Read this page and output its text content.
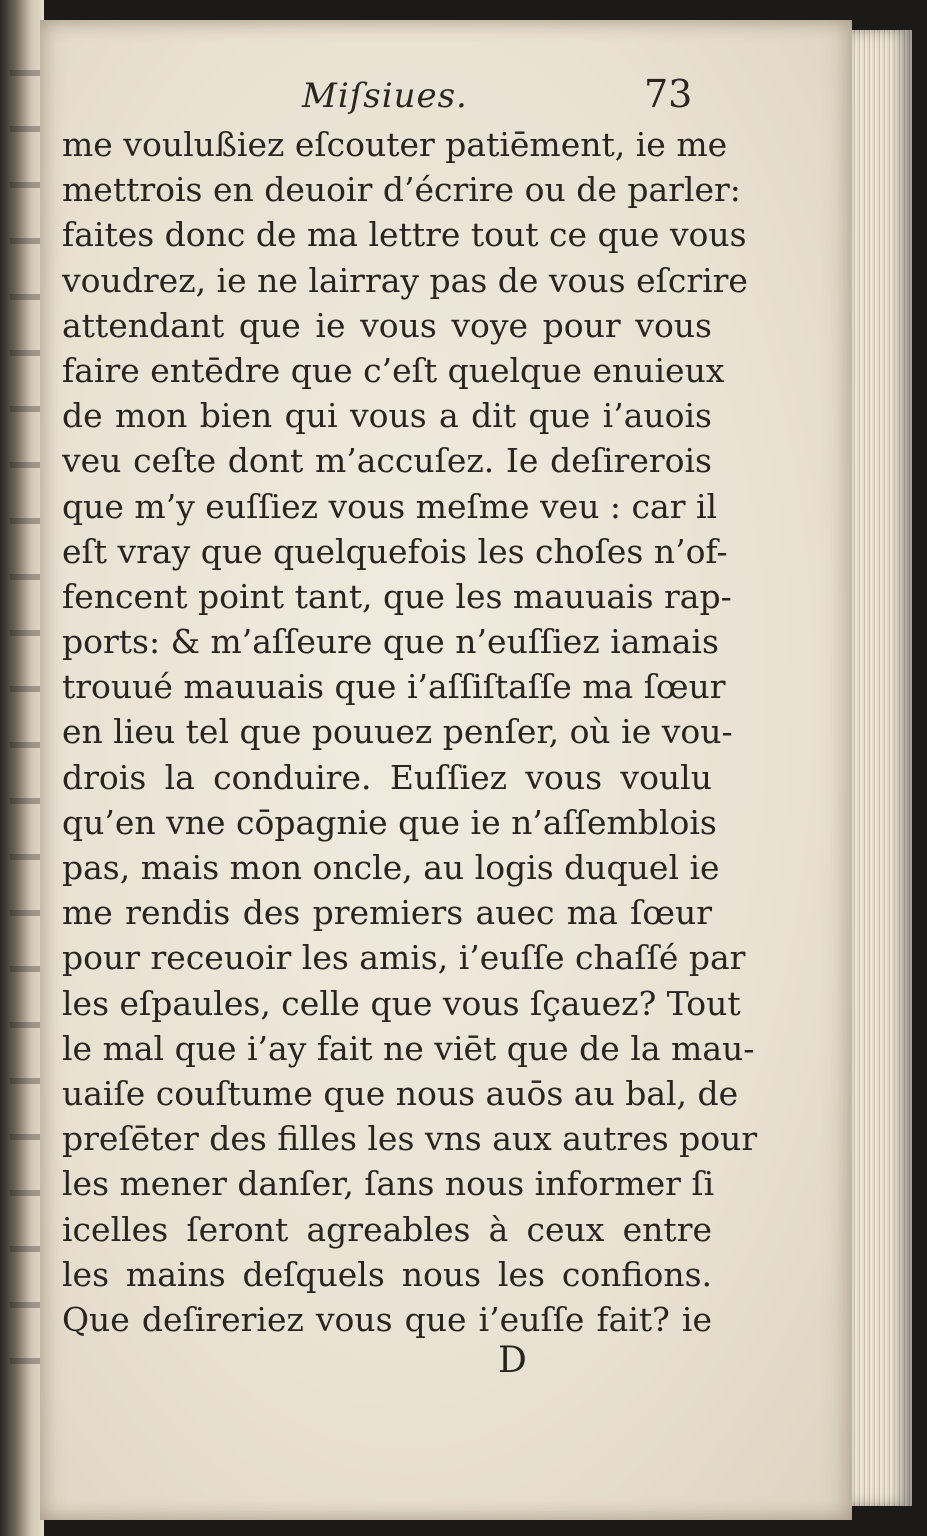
Miſsiues.	73
me voulußiez eſcouter patiēment, ie me
mettrois en deuoir d’écrire ou de parler:
faites donc de ma lettre tout ce que vous
voudrez, ie ne lairray pas de vous eſcrire
attendant que ie vous voye pour vous
faire entēdre que c’eſt quelque enuieux
de mon bien qui vous a dit que i’auois
veu ceſte dont m’accuſez. Ie deſirerois
que m’y euſſiez vous meſme veu : car il
eſt vray que quelquefois les choſes n’of-
fencent point tant, que les mauuais rap-
ports: & m’aſſeure que n’euſſiez iamais
trouué mauuais que i’aſſiſtaſſe ma ſœur
en lieu tel que pouuez penſer, où ie vou-
drois la conduire. Euſſiez vous voulu
qu’en vne cōpagnie que ie n’aſſemblois
pas, mais mon oncle, au logis duquel ie
me rendis des premiers auec ma ſœur
pour receuoir les amis, i’euſſe chaſſé par
les eſpaules, celle que vous ſçauez? Tout
le mal que i’ay fait ne viēt que de la mau-
uaiſe couſtume que nous auōs au bal, de
preſēter des filles les vns aux autres pour
les mener danſer, ſans nous informer ſi
icelles ſeront agreables à ceux entre
les mains deſquels nous les confions.
Que deſireriez vous que i’euſſe fait? ie
D
